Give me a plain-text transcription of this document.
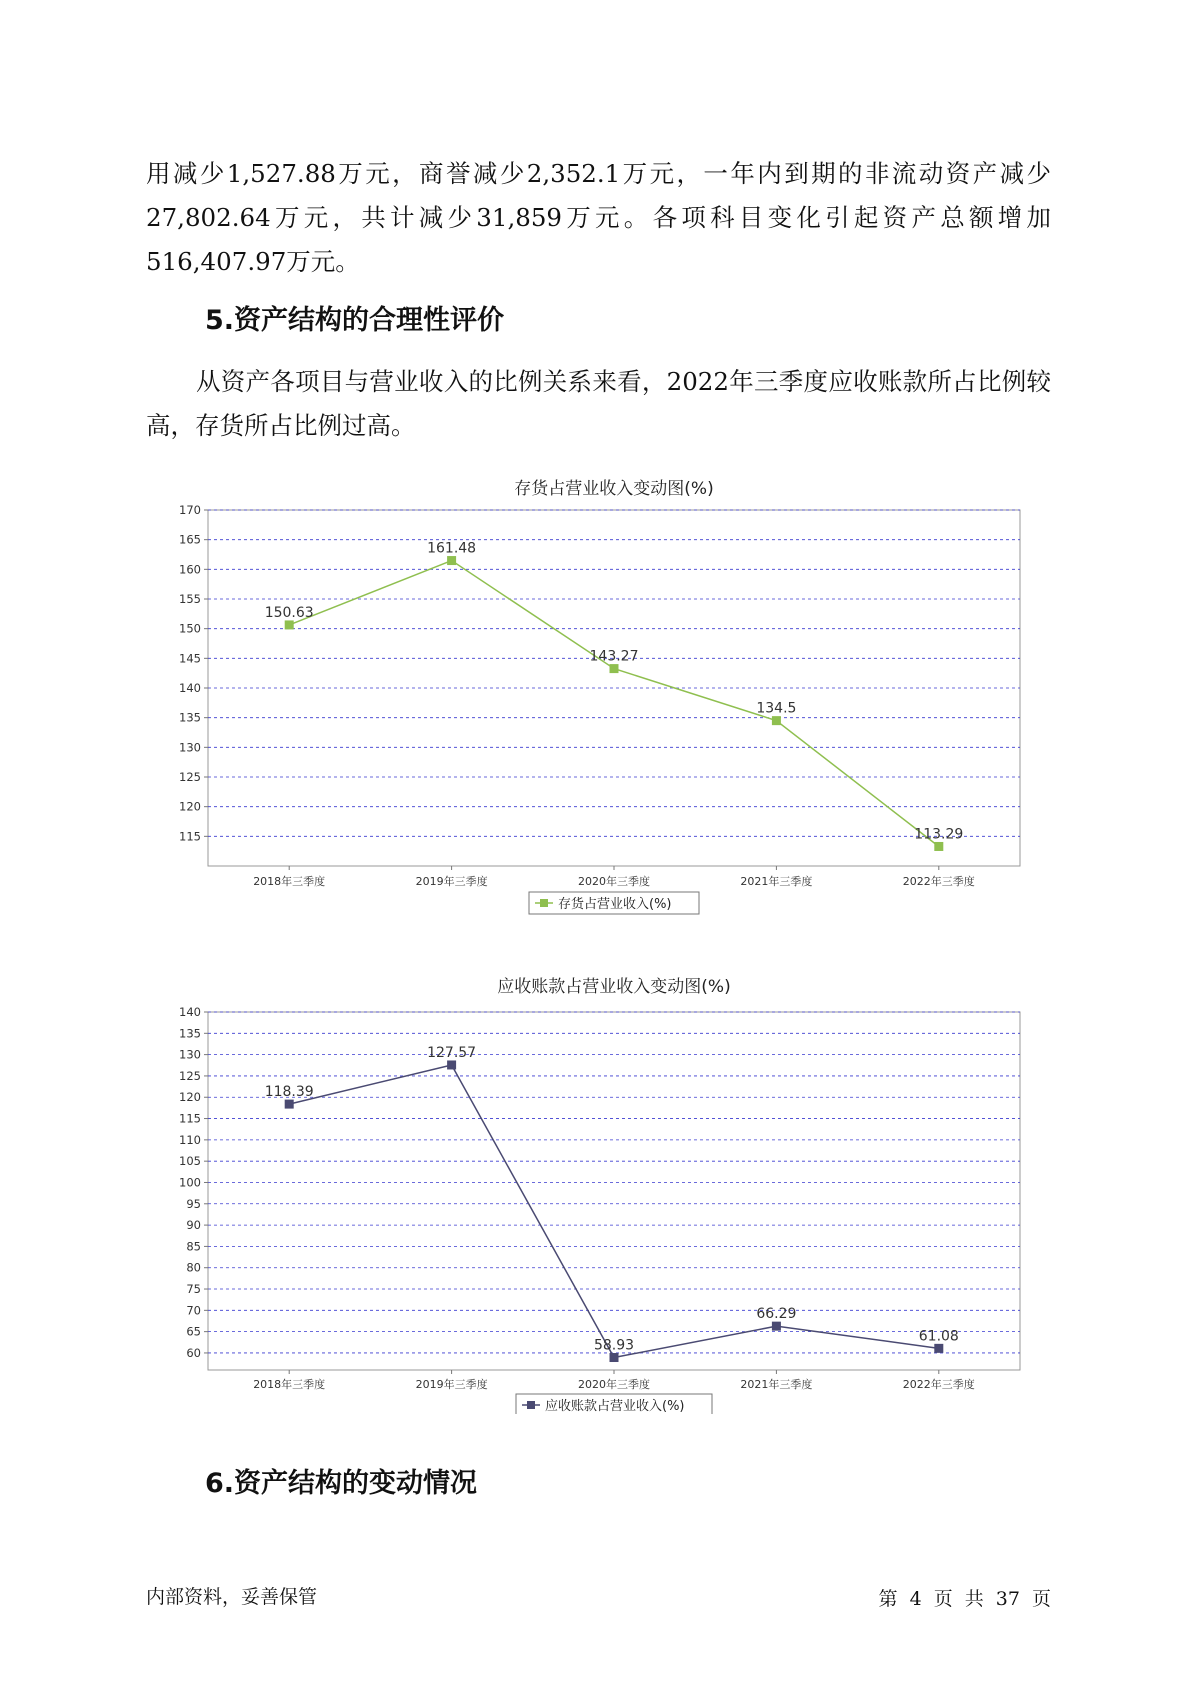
用减少1,527.88万元，商誉减少2,352.1万元，一年内到期的非流动资产减少27,802.64万元，共计减少31,859万元。各项科目变化引起资产总额增加516,407.97万元。

5.资产结构的合理性评价

从资产各项目与营业收入的比例关系来看，2022年三季度应收账款所占比例较高，存货所占比例过高。

存货占营业收入变动图(%)
115
120
125
130
135
140
145
150
155
160
165
170
2018年三季度	2019年三季度	2020年三季度	2021年三季度	2022年三季度
150.63
161.48
143.27
134.5
113.29
存货占营业收入(%)
应收账款占营业收入变动图(%)
60
65
70
75
80
85
90
95
100
105
110
115
120
125
130
135
140
2018年三季度	2019年三季度	2020年三季度	2021年三季度	2022年三季度
118.39
127.57
58.93
66.29
61.08
应收账款占营业收入(%)
6.资产结构的变动情况
内部资料，妥善保管	第 4 页 共 37 页
